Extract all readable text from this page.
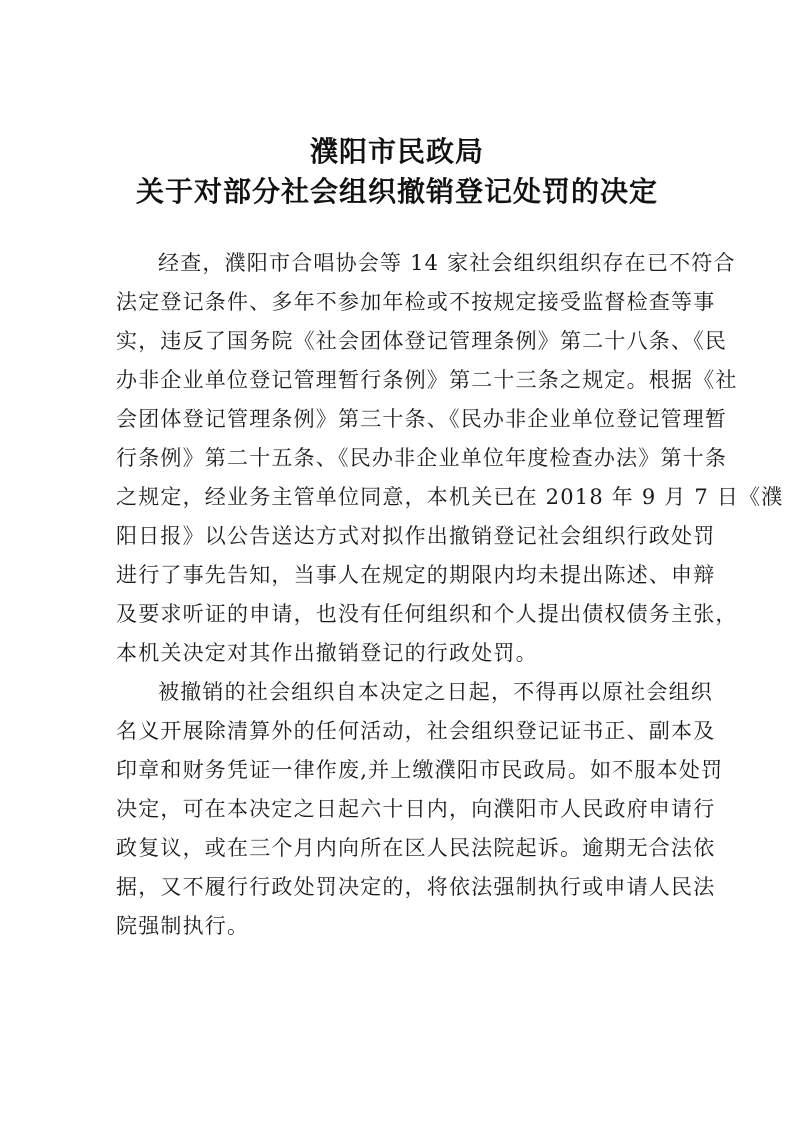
濮阳市民政局
关于对部分社会组织撤销登记处罚的决定
经查，濮阳市合唱协会等 14 家社会组织组织存在已不符合
法定登记条件、多年不参加年检或不按规定接受监督检查等事
实，违反了国务院《社会团体登记管理条例》第二十八条、《民
办非企业单位登记管理暂行条例》第二十三条之规定。根据《社
会团体登记管理条例》第三十条、《民办非企业单位登记管理暂
行条例》第二十五条、《民办非企业单位年度检查办法》第十条
之规定，经业务主管单位同意，本机关已在 2018 年 9 月 7 日《濮
阳日报》以公告送达方式对拟作出撤销登记社会组织行政处罚
进行了事先告知，当事人在规定的期限内均未提出陈述、申辩
及要求听证的申请，也没有任何组织和个人提出债权债务主张，
本机关决定对其作出撤销登记的行政处罚。
被撤销的社会组织自本决定之日起，不得再以原社会组织
名义开展除清算外的任何活动，社会组织登记证书正、副本及
印章和财务凭证一律作废,并上缴濮阳市民政局。如不服本处罚
决定，可在本决定之日起六十日内，向濮阳市人民政府申请行
政复议，或在三个月内向所在区人民法院起诉。逾期无合法依
据，又不履行行政处罚决定的，将依法强制执行或申请人民法
院强制执行。
